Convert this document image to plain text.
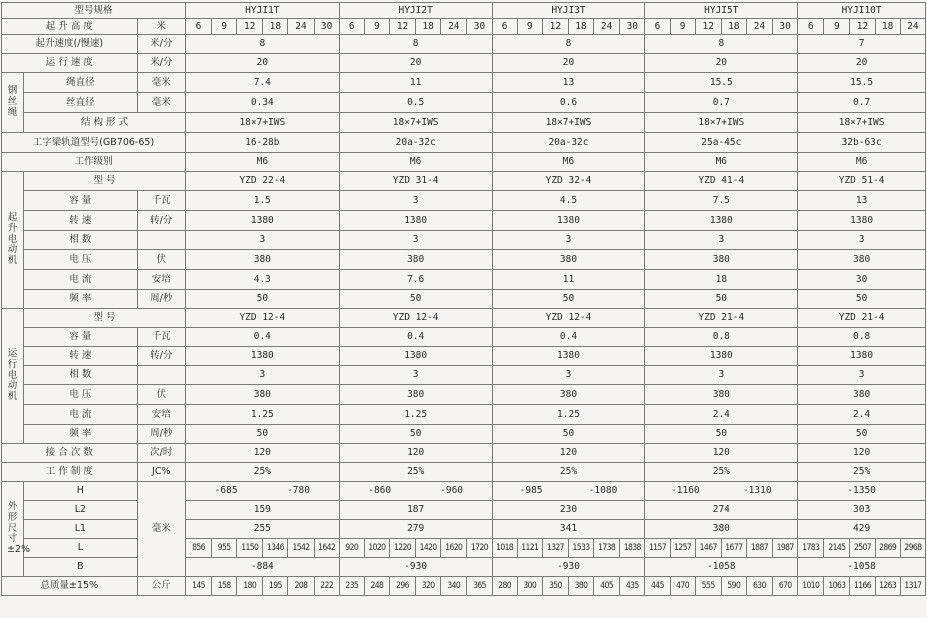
型号规格			HYJI1T						HYJI2T						HYJI3T						HYJI5T						HYJI10T				
起 升 高 度		米	6	9	12	18	24	30	6	9	12	18	24	30	6	9	12	18	24	30	6	9	12	18	24	30	6	9	12	18	24
起升速度(/慢速)		米/分	8						8						8						8						7				
运 行 速 度		米/分	20						20						20						20						20				
钢丝绳	绳直径	毫米	7.4						11						13						15.5						15.5				
	丝直径	毫米	0.34						0.5						0.6						0.7						0.7				
	结 构 形 式		18×7+IWS						18×7+IWS						18×7+IWS						18×7+IWS						18×7+IWS				
工字梁轨道型号(GB706-65)			16-28b						20a-32c						20a-32c						25a-45c						32b-63c				
工作级别			M6						M6						M6						M6						M6				
起升电动机	型 号		YZD 22-4						YZD 31-4						YZD 32-4						YZD 41-4						YZD 51-4				
	容 量	千瓦	1.5						3						4.5						7.5						13				
	转 速	转/分	1380						1380						1380						1380						1380				
	相 数		3						3						3						3						3				
	电 压	伏	380						380						380						380						380				
	电 流	安培	4.3						7.6						11						18						30				
	频 率	周/秒	50						50						50						50						50				
运行电动机	型 号		YZD 12-4						YZD 12-4						YZD 12-4						YZD 21-4						YZD 21-4				
	容 量	千瓦	0.4						0.4						0.4						0.8						0.8				
	转 速	转/分	1380						1380						1380						1380						1380				
	相 数		3						3						3						3						3				
	电 压	伏	380						380						380						380						380				
	电 流	安培	1.25						1.25						1.25						2.4						2.4				
	频 率	周/秒	50						50						50						50						50				
接 合 次 数		次/时	120						120						120						120						120				
工 作 制 度		JC%	25%						25%						25%						25%						25%				
外形尺寸±2%	H	毫米	-685 -780						-860 -960						-985 -1080						-1160 -1310						-1350				

	L2		159						187						230						274						303				
	L1		255						279						341						380						429				
	L		856	955	1150	1346	1542	1642	920	1020	1220	1420	1620	1720	1018	1121	1327	1533	1738	1838	1157	1257	1467	1677	1887	1987	1783	2145	2507	2869	2968
	B		-884						-930						-930						-1058						-1058				
总质量±15%		公斤	145	158	180	195	208	222	235	248	296	320	340	365	280	300	350	380	405	435	445	470	555	590	630	670	1010	1063	1166	1263	1317
